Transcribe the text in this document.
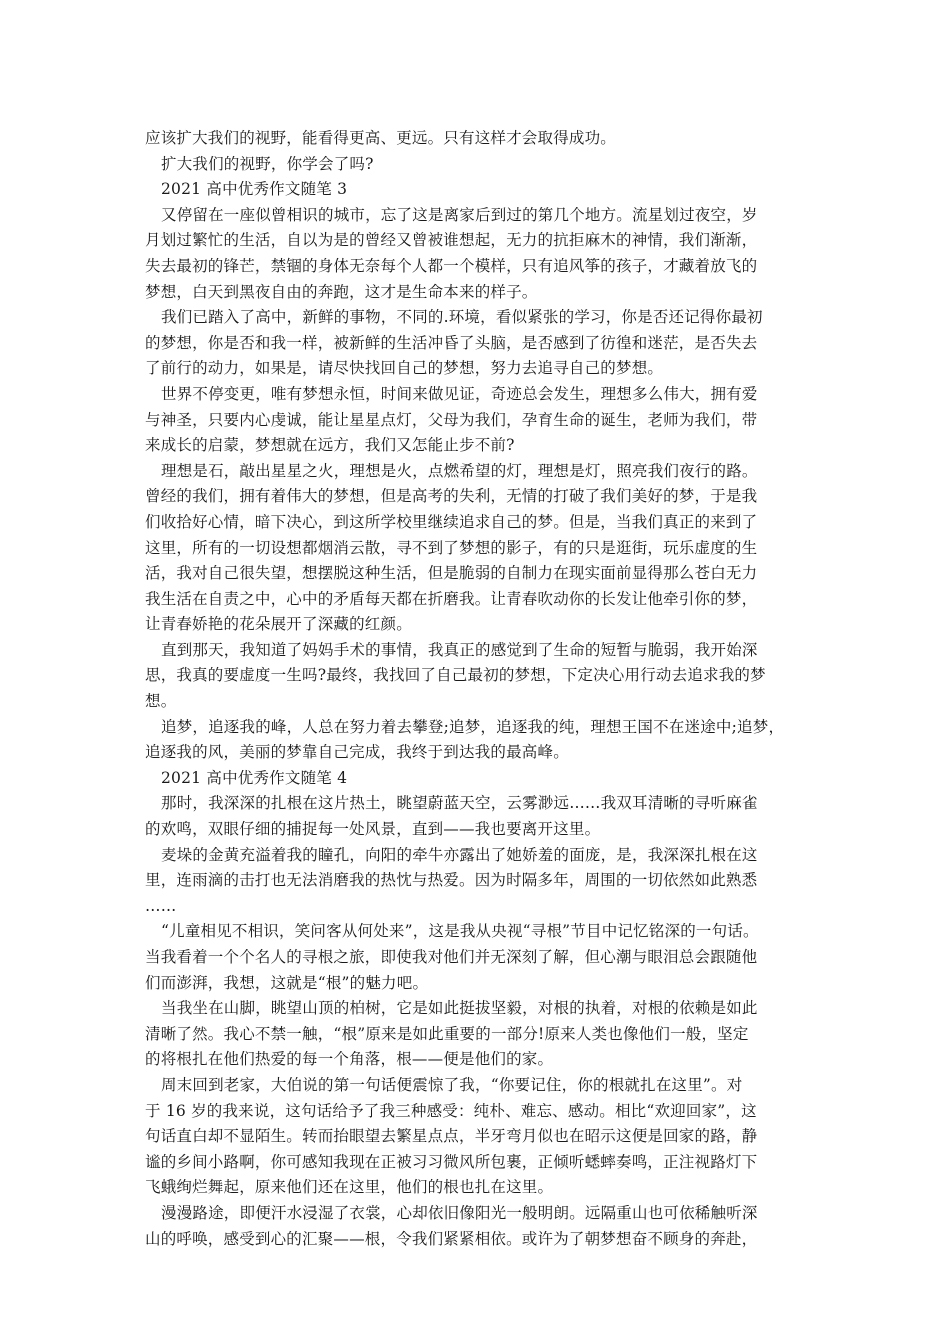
应该扩大我们的视野，能看得更高、更远。只有这样才会取得成功。
扩大我们的视野，你学会了吗?
2021 高中优秀作文随笔 3
又停留在一座似曾相识的城市，忘了这是离家后到过的第几个地方。流星划过夜空，岁
月划过繁忙的生活，自以为是的曾经又曾被谁想起，无力的抗拒麻木的神情，我们渐渐，
失去最初的锋芒，禁锢的身体无奈每个人都一个模样，只有追风筝的孩子，才藏着放飞的
梦想，白天到黑夜自由的奔跑，这才是生命本来的样子。
我们已踏入了高中，新鲜的事物，不同的.环境，看似紧张的学习，你是否还记得你最初
的梦想，你是否和我一样，被新鲜的生活冲昏了头脑，是否感到了彷徨和迷茫，是否失去
了前行的动力，如果是，请尽快找回自己的梦想，努力去追寻自己的梦想。
世界不停变更，唯有梦想永恒，时间来做见证，奇迹总会发生，理想多么伟大，拥有爱
与神圣，只要内心虔诚，能让星星点灯，父母为我们，孕育生命的诞生，老师为我们，带
来成长的启蒙，梦想就在远方，我们又怎能止步不前?
理想是石，敲出星星之火，理想是火，点燃希望的灯，理想是灯，照亮我们夜行的路。
曾经的我们，拥有着伟大的梦想，但是高考的失利，无情的打破了我们美好的梦，于是我
们收拾好心情，暗下决心，到这所学校里继续追求自己的梦。但是，当我们真正的来到了
这里，所有的一切设想都烟消云散，寻不到了梦想的影子，有的只是逛街，玩乐虚度的生
活，我对自己很失望，想摆脱这种生活，但是脆弱的自制力在现实面前显得那么苍白无力
我生活在自责之中，心中的矛盾每天都在折磨我。让青春吹动你的长发让他牵引你的梦，
让青春娇艳的花朵展开了深藏的红颜。
直到那天，我知道了妈妈手术的事情，我真正的感觉到了生命的短暂与脆弱，我开始深
思，我真的要虚度一生吗?最终，我找回了自己最初的梦想，下定决心用行动去追求我的梦
想。
追梦，追逐我的峰，人总在努力着去攀登;追梦，追逐我的纯，理想王国不在迷途中;追梦，
追逐我的风，美丽的梦靠自己完成，我终于到达我的最高峰。
2021 高中优秀作文随笔 4
那时，我深深的扎根在这片热土，眺望蔚蓝天空，云雾渺远……我双耳清晰的寻听麻雀
的欢鸣，双眼仔细的捕捉每一处风景，直到——我也要离开这里。
麦垛的金黄充溢着我的瞳孔，向阳的牵牛亦露出了她娇羞的面庞，是，我深深扎根在这
里，连雨滴的击打也无法消磨我的热忱与热爱。因为时隔多年，周围的一切依然如此熟悉
……
“儿童相见不相识，笑问客从何处来”，这是我从央视“寻根”节目中记忆铭深的一句话。
当我看着一个个名人的寻根之旅，即使我对他们并无深刻了解，但心潮与眼泪总会跟随他
们而澎湃，我想，这就是“根”的魅力吧。
当我坐在山脚，眺望山顶的柏树，它是如此挺拔坚毅，对根的执着，对根的依赖是如此
清晰了然。我心不禁一触，“根”原来是如此重要的一部分!原来人类也像他们一般，坚定
的将根扎在他们热爱的每一个角落，根——便是他们的家。
周末回到老家，大伯说的第一句话便震惊了我，“你要记住，你的根就扎在这里”。对
于 16 岁的我来说，这句话给予了我三种感受：纯朴、难忘、感动。相比“欢迎回家”，这
句话直白却不显陌生。转而抬眼望去繁星点点，半牙弯月似也在昭示这便是回家的路，静
谧的乡间小路啊，你可感知我现在正被习习微风所包裹，正倾听蟋蟀奏鸣，正注视路灯下
飞蛾绚烂舞起，原来他们还在这里，他们的根也扎在这里。
漫漫路途，即便汗水浸湿了衣裳，心却依旧像阳光一般明朗。远隔重山也可依稀触听深
山的呼唤，感受到心的汇聚——根，令我们紧紧相依。或许为了朝梦想奋不顾身的奔赴，
